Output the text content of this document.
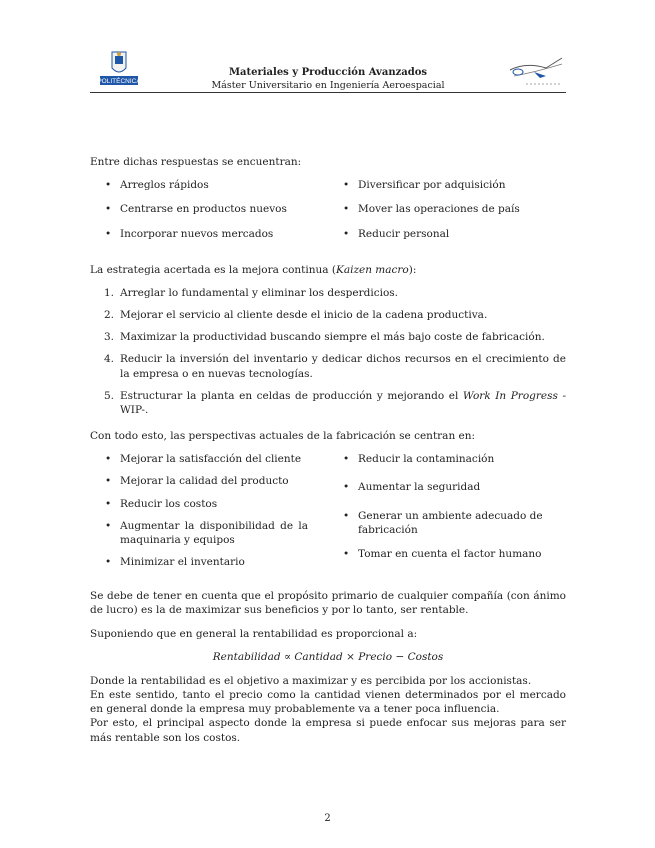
POLITÉCNICA
Materiales y Producción Avanzados
Máster Universitario en Ingeniería Aeroespacial

Entre dichas respuestas se encuentran:

• Arreglos rápidos
• Centrarse en productos nuevos
• Incorporar nuevos mercados
• Diversificar por adquisición
• Mover las operaciones de país
• Reducir personal

La estrategia acertada es la mejora continua (Kaizen macro):

1. Arreglar lo fundamental y eliminar los desperdicios.
2. Mejorar el servicio al cliente desde el inicio de la cadena productiva.
3. Maximizar la productividad buscando siempre el más bajo coste de fabricación.
4. Reducir la inversión del inventario y dedicar dichos recursos en el crecimiento de la empresa o en nuevas tecnologías.
5. Estructurar la planta en celdas de producción y mejorando el Work In Progress -WIP-.

Con todo esto, las perspectivas actuales de la fabricación se centran en:

• Mejorar la satisfacción del cliente
• Mejorar la calidad del producto
• Reducir los costos
• Augmentar la disponibilidad de la maquinaria y equipos
• Minimizar el inventario
• Reducir la contaminación
• Aumentar la seguridad
• Generar un ambiente adecuado de fabricación
• Tomar en cuenta el factor humano

Se debe de tener en cuenta que el propósito primario de cualquier compañía (con ánimo de lucro) es la de maximizar sus beneficios y por lo tanto, ser rentable.

Suponiendo que en general la rentabilidad es proporcional a:

Rentabilidad ∝ Cantidad × Precio − Costos

Donde la rentabilidad es el objetivo a maximizar y es percibida por los accionistas.
En este sentido, tanto el precio como la cantidad vienen determinados por el mercado en general donde la empresa muy probablemente va a tener poca influencia.
Por esto, el principal aspecto donde la empresa si puede enfocar sus mejoras para ser más rentable son los costos.

2
